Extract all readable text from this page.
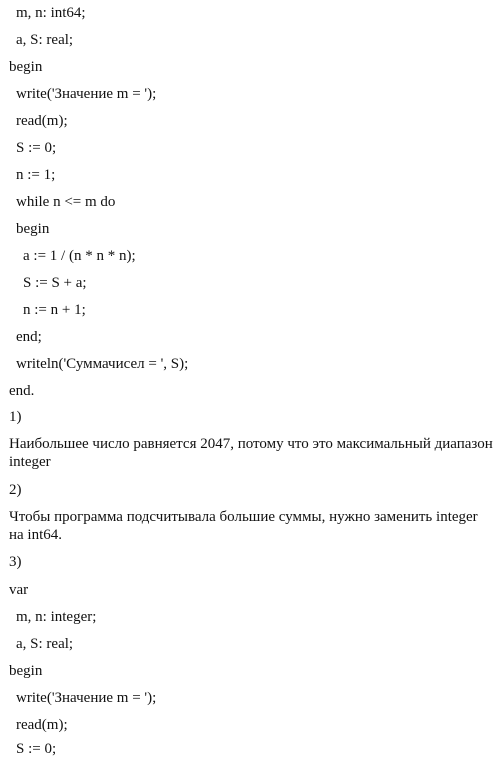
m, n: int64;
a, S: real;
begin
write('Значение m = ');
read(m);
S := 0;
n := 1;
while n <= m do
begin
a := 1 / (n * n * n);
S := S + a;
n := n + 1;
end;
writeln('Суммачисел = ', S);
end.
1)
Наибольшее число равняется 2047, потому что это максимальный диапазон integer
2)
Чтобы программа подсчитывала большие суммы, нужно заменить integer на int64.
3)
var
m, n: integer;
a, S: real;
begin
write('Значение m = ');
read(m);
S := 0;
